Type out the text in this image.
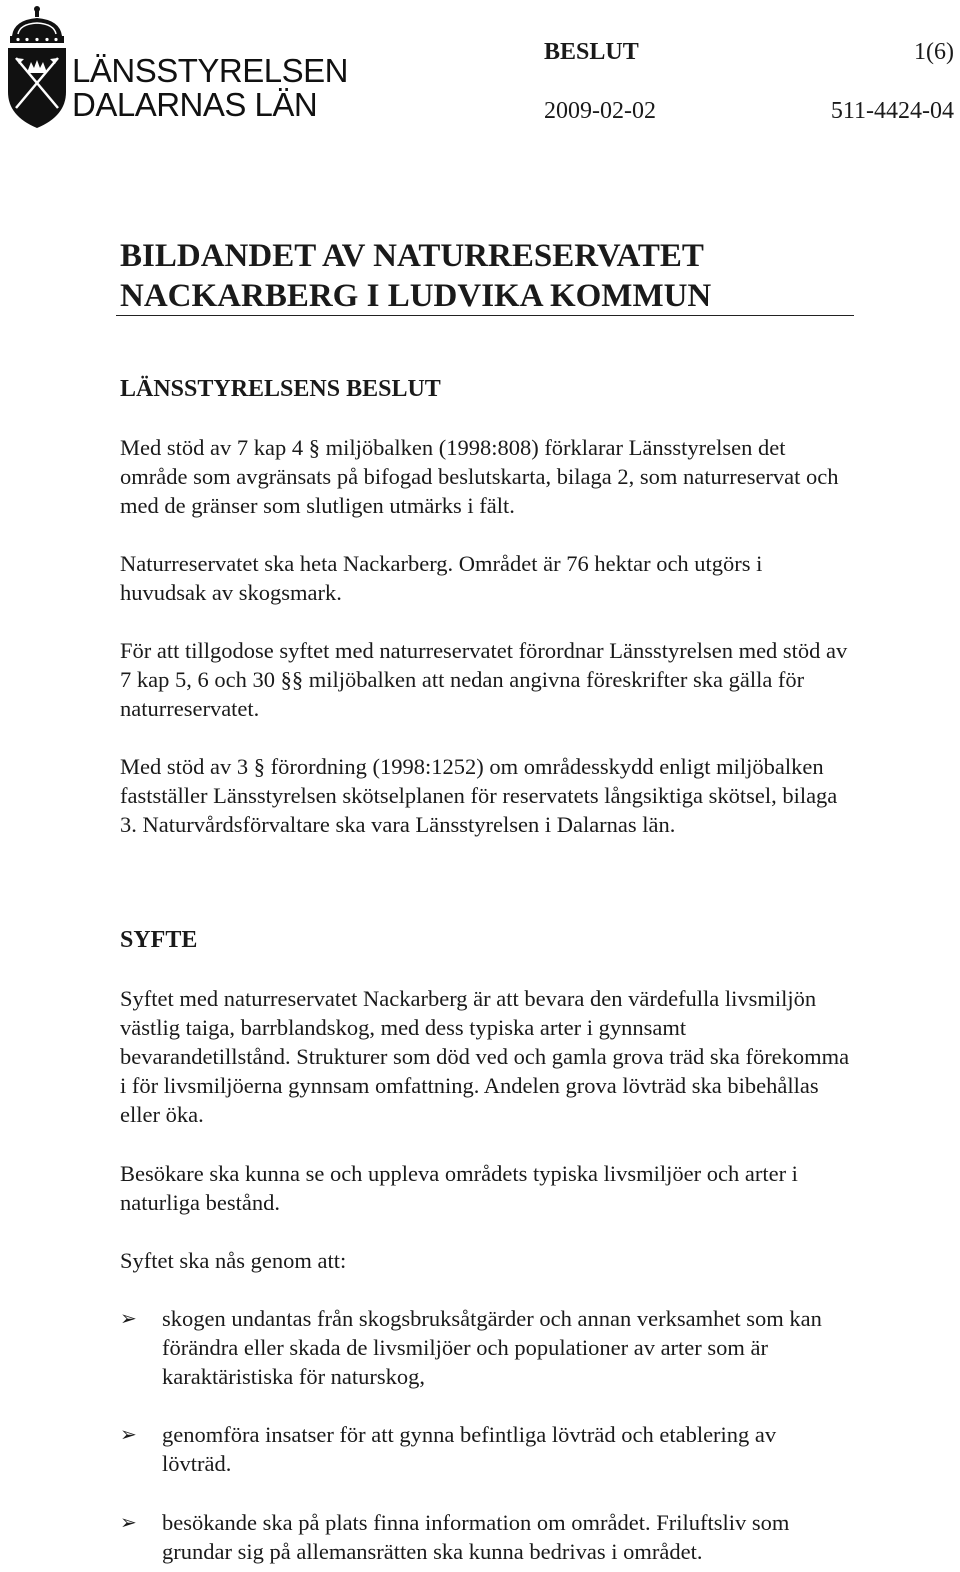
LÄNSSTYRELSEN
DALARNAS LÄN
BESLUT	1(6)
2009-02-02	511-4424-04
BILDANDET AV NATURRESERVATET
NACKARBERG I LUDVIKA KOMMUN
LÄNSSTYRELSENS BESLUT

Med stöd av 7 kap 4 § miljöbalken (1998:808) förklarar Länsstyrelsen det område som avgränsats på bifogad beslutskarta, bilaga 2, som naturreservat och med de gränser som slutligen utmärks i fält.

Naturreservatet ska heta Nackarberg. Området är 76 hektar och utgörs i huvudsak av skogsmark.

För att tillgodose syftet med naturreservatet förordnar Länsstyrelsen med stöd av 7 kap 5, 6 och 30 §§ miljöbalken att nedan angivna föreskrifter ska gälla för naturreservatet.

Med stöd av 3 § förordning (1998:1252) om områdesskydd enligt miljöbalken fastställer Länsstyrelsen skötselplanen för reservatets långsiktiga skötsel, bilaga 3. Naturvårdsförvaltare ska vara Länsstyrelsen i Dalarnas län.

SYFTE

Syftet med naturreservatet Nackarberg är att bevara den värdefulla livsmiljön västlig taiga, barrblandskog, med dess typiska arter i gynnsamt bevarandetillstånd. Strukturer som död ved och gamla grova träd ska förekomma i för livsmiljöerna gynnsam omfattning. Andelen grova lövträd ska bibehållas eller öka.

Besökare ska kunna se och uppleva områdets typiska livsmiljöer och arter i naturliga bestånd.

Syftet ska nås genom att:

➢ skogen undantas från skogsbruksåtgärder och annan verksamhet som kan förändra eller skada de livsmiljöer och populationer av arter som är karaktäristiska för naturskog,

➢ genomföra insatser för att gynna befintliga lövträd och etablering av lövträd.

➢ besökande ska på plats finna information om området. Friluftsliv som grundar sig på allemansrätten ska kunna bedrivas i området.
